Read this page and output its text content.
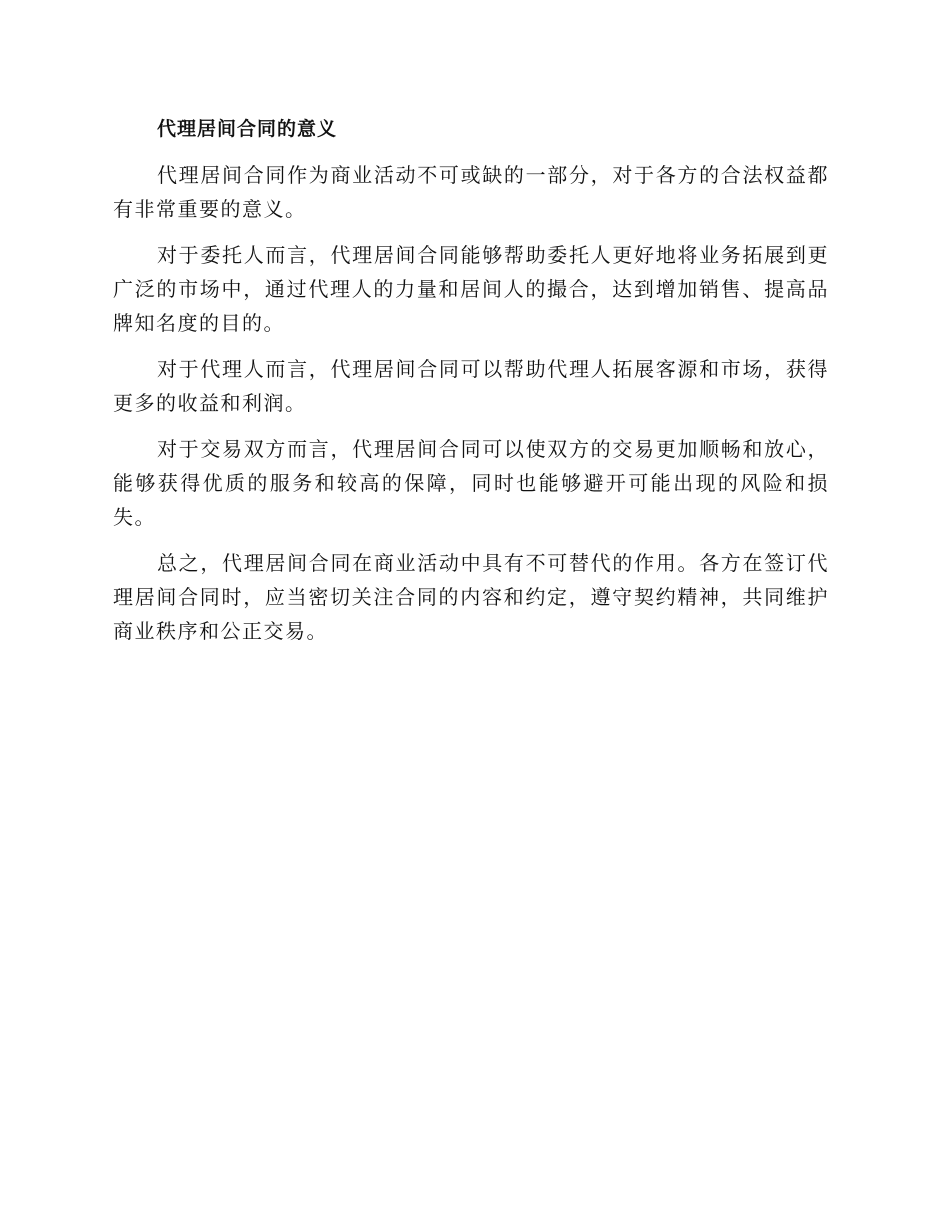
代理居间合同的意义

代理居间合同作为商业活动不可或缺的一部分，对于各方的合法权益都有非常重要的意义。

对于委托人而言，代理居间合同能够帮助委托人更好地将业务拓展到更广泛的市场中，通过代理人的力量和居间人的撮合，达到增加销售、提高品牌知名度的目的。

对于代理人而言，代理居间合同可以帮助代理人拓展客源和市场，获得更多的收益和利润。

对于交易双方而言，代理居间合同可以使双方的交易更加顺畅和放心，能够获得优质的服务和较高的保障，同时也能够避开可能出现的风险和损失。

总之，代理居间合同在商业活动中具有不可替代的作用。各方在签订代理居间合同时，应当密切关注合同的内容和约定，遵守契约精神，共同维护商业秩序和公正交易。
